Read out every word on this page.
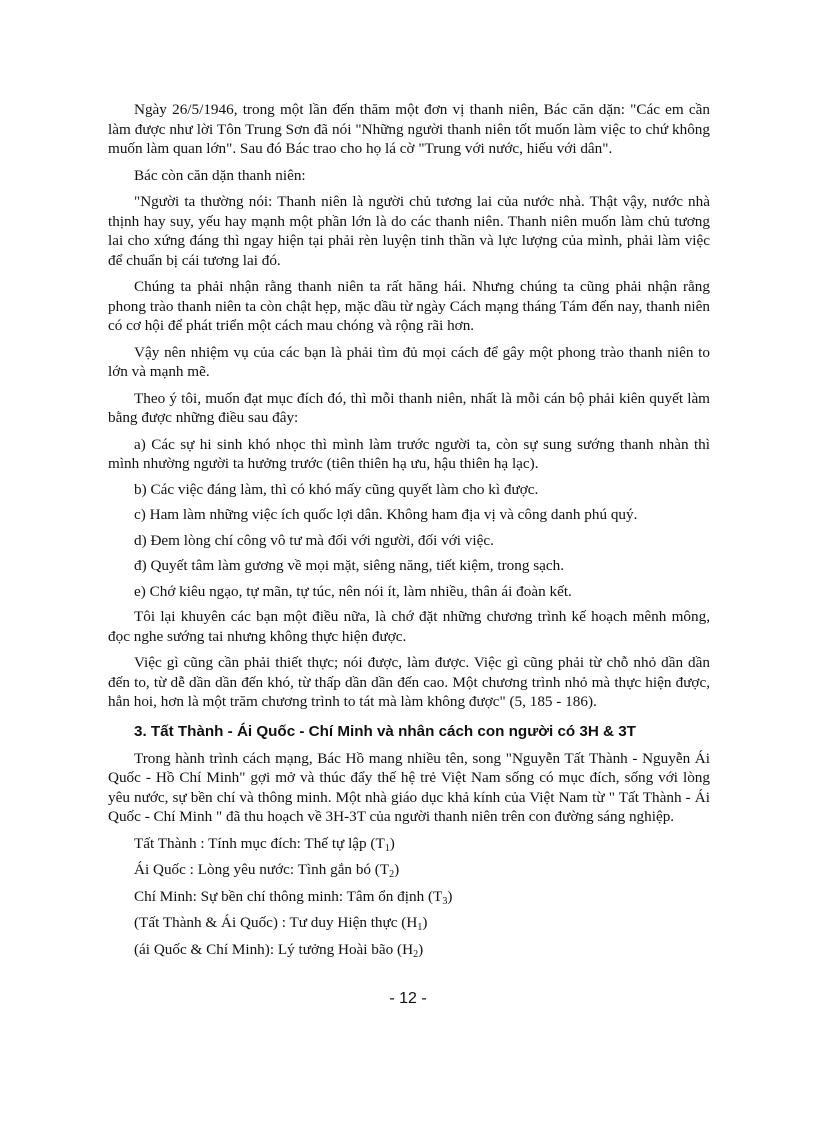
Ngày 26/5/1946, trong một lần đến thăm một đơn vị thanh niên, Bác căn dặn: "Các em cần làm được như lời Tôn Trung Sơn đã nói "Những người thanh niên tốt muốn làm việc to chứ không muốn làm quan lớn". Sau đó Bác trao cho họ lá cờ "Trung với nước, hiếu với dân".

Bác còn căn dặn thanh niên:

"Người ta thường nói: Thanh niên là người chủ tương lai của nước nhà. Thật vậy, nước nhà thịnh hay suy, yếu hay mạnh một phần lớn là do các thanh niên. Thanh niên muốn làm chủ tương lai cho xứng đáng thì ngay hiện tại phải rèn luyện tinh thần và lực lượng của mình, phải làm việc để chuẩn bị cái tương lai đó.

Chúng ta phải nhận rằng thanh niên ta rất hăng hái. Nhưng chúng ta cũng phải nhận rằng phong trào thanh niên ta còn chật hẹp, mặc dầu từ ngày Cách mạng tháng Tám đến nay, thanh niên có cơ hội để phát triển một cách mau chóng và rộng rãi hơn.

Vậy nên nhiệm vụ của các bạn là phải tìm đủ mọi cách để gây một phong trào thanh niên to lớn và mạnh mẽ.

Theo ý tôi, muốn đạt mục đích đó, thì mỗi thanh niên, nhất là mỗi cán bộ phải kiên quyết làm bằng được những điều sau đây:

a) Các sự hi sinh khó nhọc thì mình làm trước người ta, còn sự sung sướng thanh nhàn thì mình nhường người ta hưởng trước (tiên thiên hạ ưu, hậu thiên hạ lạc).

b) Các việc đáng làm, thì có khó mấy cũng quyết làm cho kì được.

c) Ham làm những việc ích quốc lợi dân. Không ham địa vị và công danh phú quý.

d) Đem lòng chí công vô tư mà đối với người, đối với việc.

đ) Quyết tâm làm gương về mọi mặt, siêng năng, tiết kiệm, trong sạch.

e) Chớ kiêu ngạo, tự mãn, tự túc, nên nói ít, làm nhiều, thân ái đoàn kết.

Tôi lại khuyên các bạn một điều nữa, là chớ đặt những chương trình kế hoạch mênh mông, đọc nghe sướng tai nhưng không thực hiện được.

Việc gì cũng cần phải thiết thực; nói được, làm được. Việc gì cũng phải từ chỗ nhỏ dần dần đến to, từ dễ dần dần đến khó, từ thấp dần dần đến cao. Một chương trình nhỏ mà thực hiện được, hẳn hoi, hơn là một trăm chương trình to tát mà làm không được" (5, 185 - 186).

3. Tất Thành - Ái Quốc - Chí Minh và nhân cách con người có 3H & 3T

Trong hành trình cách mạng, Bác Hồ mang nhiều tên, song "Nguyễn Tất Thành - Nguyễn Ái Quốc - Hồ Chí Minh" gợi mở và thúc đẩy thế hệ trẻ Việt Nam sống có mục đích, sống với lòng yêu nước, sự bền chí và thông minh. Một nhà giáo dục khả kính của Việt Nam từ " Tất Thành - Ái Quốc - Chí Minh " đã thu hoạch về 3H-3T của người thanh niên trên con đường sáng nghiệp.

Tất Thành : Tính mục đích: Thế tự lập $(T_1)$

Ái Quốc : Lòng yêu nước: Tình gắn bó $(T_2)$

Chí Minh: Sự bền chí thông minh: Tâm ổn định $(T_3)$

(Tất Thành & Ái Quốc) : Tư duy Hiện thực $(H_1)$

(ái Quốc & Chí Minh): Lý tưởng Hoài bão $(H_2)$

- 12 -
